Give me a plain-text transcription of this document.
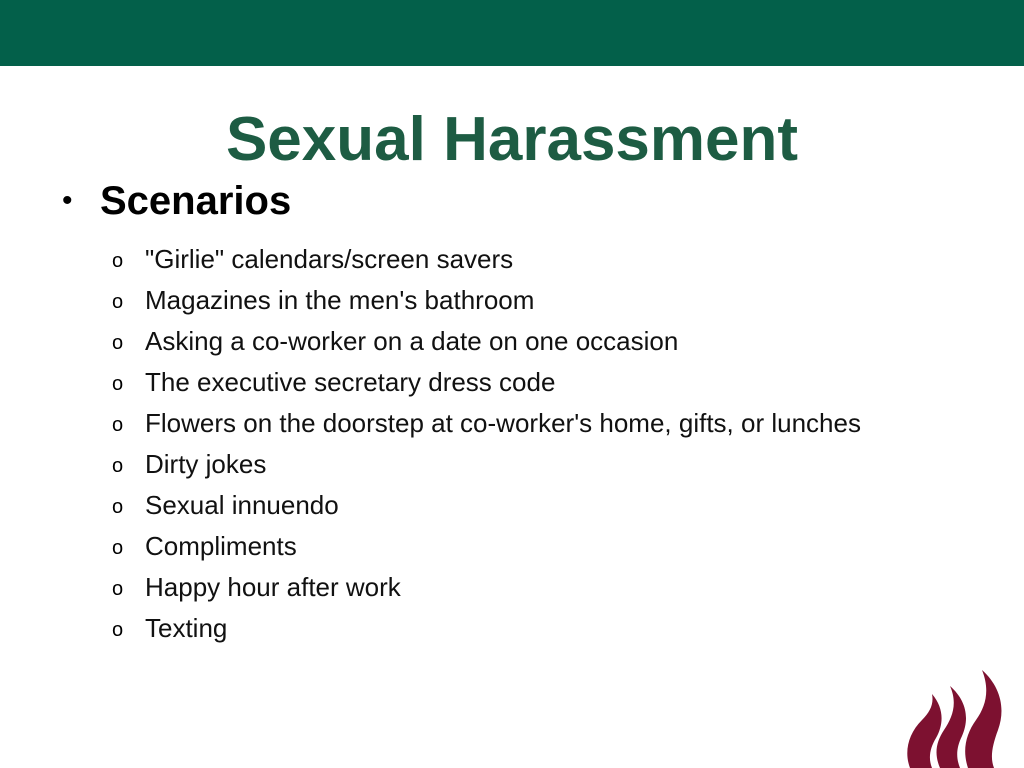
Sexual Harassment
• Scenarios
o "Girlie" calendars/screen savers
o Magazines in the men's bathroom
o Asking a co-worker on a date on one occasion
o The executive secretary dress code
o Flowers on the doorstep at co-worker's home, gifts, or lunches
o Dirty jokes
o Sexual innuendo
o Compliments
o Happy hour after work
o Texting
